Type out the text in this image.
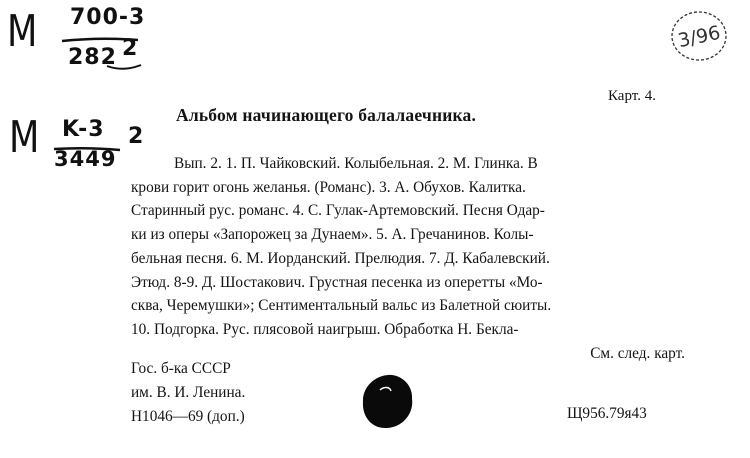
M 700-3
282 2
M K-3
3449
2
3/96
Карт. 4.
Альбом начинающего балалаечника.
Вып. 2. 1. П. Чайковский. Колыбельная. 2. М. Глинка. В
крови горит огонь желанья. (Романс). 3. А. Обухов. Калитка.
Старинный рус. романс. 4. С. Гулак-Артемовский. Песня Одар-
ки из оперы «Запорожец за Дунаем». 5. А. Гречанинов. Колы-
бельная песня. 6. М. Иорданский. Прелюдия. 7. Д. Кабалевский.
Этюд. 8-9. Д. Шостакович. Грустная песенка из оперетты «Мо-
сква, Черемушки»; Сентиментальный вальс из Балетной сюиты.
10. Подгорка. Рус. плясовой наигрыш. Обработка Н. Бекла-
См. след. карт.
Гос. б-ка СССР
им. В. И. Ленина.
Н1046—69 (доп.)	Щ956.79я43
